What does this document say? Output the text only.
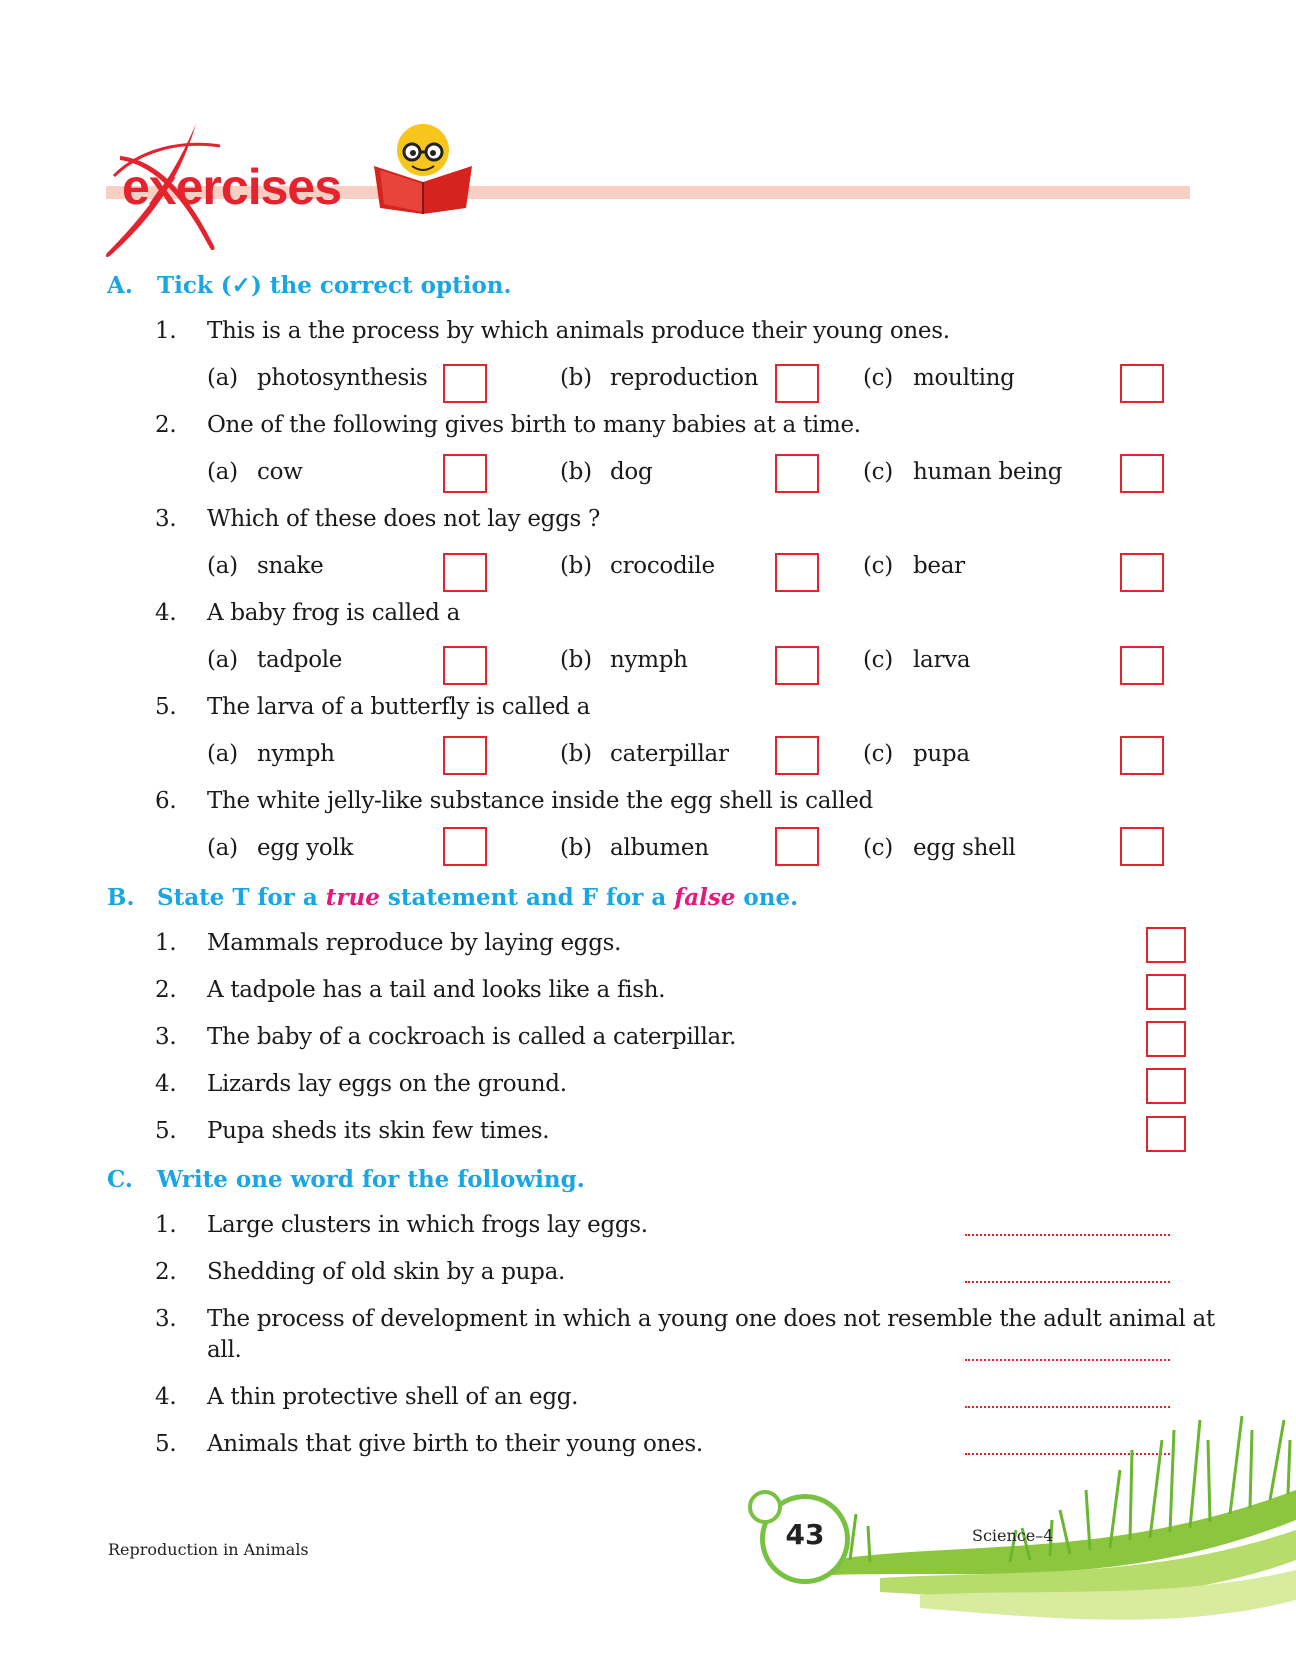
exercises
A. Tick (✓) the correct option.
1. This is a the process by which animals produce their young ones.
(a) photosynthesis	(b) reproduction	(c) moulting
2. One of the following gives birth to many babies at a time.
(a) cow	(b) dog	(c) human being
3. Which of these does not lay eggs ?
(a) snake	(b) crocodile	(c) bear
4. A baby frog is called a
(a) tadpole	(b) nymph	(c) larva
5. The larva of a butterfly is called a
(a) nymph	(b) caterpillar	(c) pupa
6. The white jelly-like substance inside the egg shell is called
(a) egg yolk	(b) albumen	(c) egg shell
B. State T for a true statement and F for a false one.
1. Mammals reproduce by laying eggs.
2. A tadpole has a tail and looks like a fish.
3. The baby of a cockroach is called a caterpillar.
4. Lizards lay eggs on the ground.
5. Pupa sheds its skin few times.
C. Write one word for the following.
1. Large clusters in which frogs lay eggs.
2. Shedding of old skin by a pupa.
3. The process of development in which a young one does not resemble the adult animal at
all.
4. A thin protective shell of an egg.
5. Animals that give birth to their young ones.
43
Reproduction in Animals
Science–4
